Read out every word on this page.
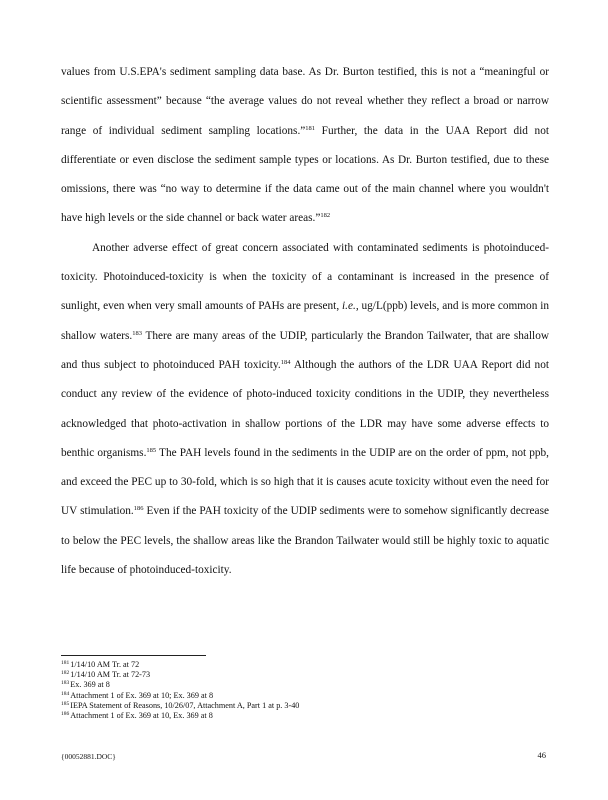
values from U.S.EPA's sediment sampling data base. As Dr. Burton testified, this is not a “meaningful or scientific assessment” because “the average values do not reveal whether they reflect a broad or narrow range of individual sediment sampling locations.”$^{181}$ Further, the data in the UAA Report did not differentiate or even disclose the sediment sample types or locations. As Dr. Burton testified, due to these omissions, there was “no way to determine if the data came out of the main channel where you wouldn't have high levels or the side channel or back water areas.”$^{182}$

Another adverse effect of great concern associated with contaminated sediments is photoinduced-toxicity. Photoinduced-toxicity is when the toxicity of a contaminant is increased in the presence of sunlight, even when very small amounts of PAHs are present, i.e., ug/L(ppb) levels, and is more common in shallow waters.$^{183}$ There are many areas of the UDIP, particularly the Brandon Tailwater, that are shallow and thus subject to photoinduced PAH toxicity.$^{184}$ Although the authors of the LDR UAA Report did not conduct any review of the evidence of photo-induced toxicity conditions in the UDIP, they nevertheless acknowledged that photo-activation in shallow portions of the LDR may have some adverse effects to benthic organisms.$^{185}$ The PAH levels found in the sediments in the UDIP are on the order of ppm, not ppb, and exceed the PEC up to 30-fold, which is so high that it is causes acute toxicity without even the need for UV stimulation.$^{186}$ Even if the PAH toxicity of the UDIP sediments were to somehow significantly decrease to below the PEC levels, the shallow areas like the Brandon Tailwater would still be highly toxic to aquatic life because of photoinduced-toxicity.

$^{181}$1/14/10 AM Tr. at 72
$^{182}$1/14/10 AM Tr. at 72-73
$^{183}$Ex. 369 at 8
$^{184}$Attachment 1 of Ex. 369 at 10; Ex. 369 at 8
$^{185}$IEPA Statement of Reasons, 10/26/07, Attachment A, Part 1 at p. 3-40
$^{186}$Attachment 1 of Ex. 369 at 10, Ex. 369 at 8
{00052881.DOC}	46
